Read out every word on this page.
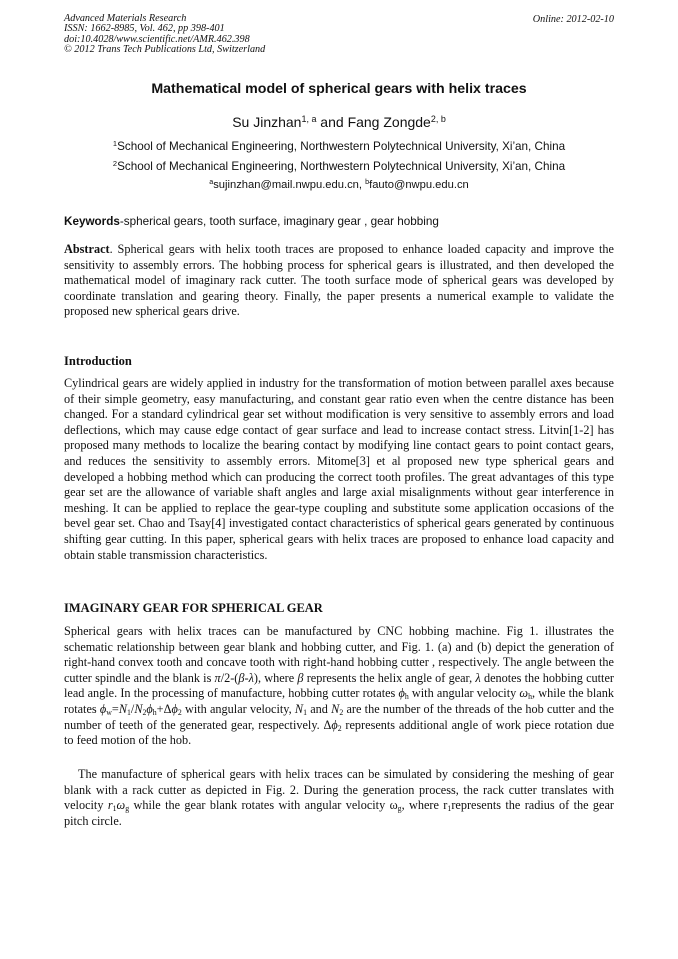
Advanced Materials Research
ISSN: 1662-8985, Vol. 462, pp 398-401
doi:10.4028/www.scientific.net/AMR.462.398
© 2012 Trans Tech Publications Ltd, Switzerland
Online: 2012-02-10
Mathematical model of spherical gears with helix traces
Su Jinzhan$^{1, a}$ and Fang Zongde$^{2, b}$
$^1$School of Mechanical Engineering, Northwestern Polytechnical University, Xi’an, China
$^2$School of Mechanical Engineering, Northwestern Polytechnical University, Xi’an, China
$^a$sujinzhan@mail.nwpu.edu.cn, $^b$fauto@nwpu.edu.cn
Keywords-spherical gears, tooth surface, imaginary gear , gear hobbing
Abstract. Spherical gears with helix tooth traces are proposed to enhance loaded capacity and improve the sensitivity to assembly errors. The hobbing process for spherical gears is illustrated, and then developed the mathematical model of imaginary rack cutter. The tooth surface mode of spherical gears was developed by coordinate translation and gearing theory. Finally, the paper presents a numerical example to validate the proposed new spherical gears drive.
Introduction
Cylindrical gears are widely applied in industry for the transformation of motion between parallel axes because of their simple geometry, easy manufacturing, and constant gear ratio even when the centre distance has been changed. For a standard cylindrical gear set without modification is very sensitive to assembly errors and load deflections, which may cause edge contact of gear surface and lead to increase contact stress. Litvin[1-2] has proposed many methods to localize the bearing contact by modifying line contact gears to point contact gears, and reduces the sensitivity to assembly errors. Mitome[3] et al proposed new type spherical gears and developed a hobbing method which can producing the correct tooth profiles. The great advantages of this type gear set are the allowance of variable shaft angles and large axial misalignments without gear interference in meshing. It can be applied to replace the gear-type coupling and substitute some application occasions of the bevel gear set. Chao and Tsay[4] investigated contact characteristics of spherical gears generated by continuous shifting gear cutting. In this paper, spherical gears with helix traces are proposed to enhance load capacity and obtain stable transmission characteristics.
IMAGINARY GEAR FOR SPHERICAL GEAR
Spherical gears with helix traces can be manufactured by CNC hobbing machine. Fig 1. illustrates the schematic relationship between gear blank and hobbing cutter, and Fig. 1. (a) and (b) depict the generation of right-hand convex tooth and concave tooth with right-hand hobbing cutter , respectively. The angle between the cutter spindle and the blank is π/2-(β-λ), where β represents the helix angle of gear, λ denotes the hobbing cutter lead angle. In the processing of manufacture, hobbing cutter rotates $\phi_h$ with angular velocity $\omega_h$, while the blank rotates $\phi_w=N_1/N_2\phi_h+\Delta\phi_2$ with angular velocity, $N_1$ and $N_2$ are the number of the threads of the hob cutter and the number of teeth of the generated gear, respectively. $\Delta\phi_2$ represents additional angle of work piece rotation due to feed motion of the hob.
The manufacture of spherical gears with helix traces can be simulated by considering the meshing of gear blank with a rack cutter as depicted in Fig. 2. During the generation process, the rack cutter translates with velocity $r_1\omega_g$ while the gear blank rotates with angular velocity $\omega_g$, where $r_1represents$ the radius of the gear pitch circle.
